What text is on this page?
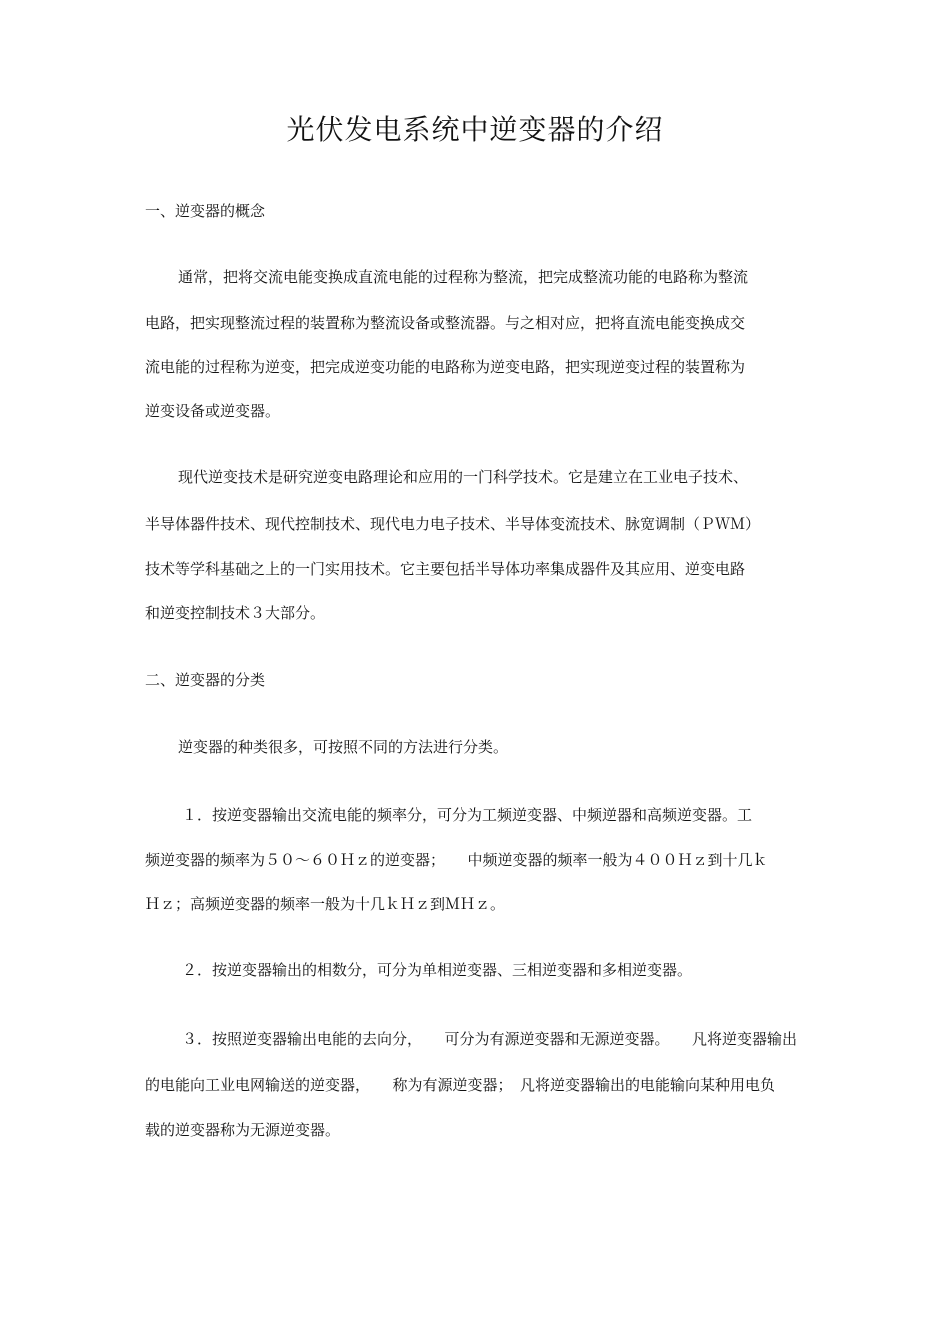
光伏发电系统中逆变器的介绍
一、逆变器的概念
通常，把将交流电能变换成直流电能的过程称为整流，把完成整流功能的电路称为整流
电路，把实现整流过程的装置称为整流设备或整流器。与之相对应，把将直流电能变换成交
流电能的过程称为逆变，把完成逆变功能的电路称为逆变电路，把实现逆变过程的装置称为
逆变设备或逆变器。
现代逆变技术是研究逆变电路理论和应用的一门科学技术。它是建立在工业电子技术、
半导体器件技术、现代控制技术、现代电力电子技术、半导体变流技术、脉宽调制（ＰＷＭ）
技术等学科基础之上的一门实用技术。它主要包括半导体功率集成器件及其应用、逆变电路
和逆变控制技术３大部分。
二、逆变器的分类
逆变器的种类很多，可按照不同的方法进行分类。
１．按逆变器输出交流电能的频率分，可分为工频逆变器、中频逆器和高频逆变器。工
频逆变器的频率为５０～６０Ｈｚ的逆变器；　　中频逆变器的频率一般为４００Ｈｚ到十几ｋ
Ｈｚ；高频逆变器的频率一般为十几ｋＨｚ到ＭＨｚ。
２．按逆变器输出的相数分，可分为单相逆变器、三相逆变器和多相逆变器。
３．按照逆变器输出电能的去向分，　　可分为有源逆变器和无源逆变器。　　凡将逆变器输出
的电能向工业电网输送的逆变器，　　称为有源逆变器；　凡将逆变器输出的电能输向某种用电负
载的逆变器称为无源逆变器。
